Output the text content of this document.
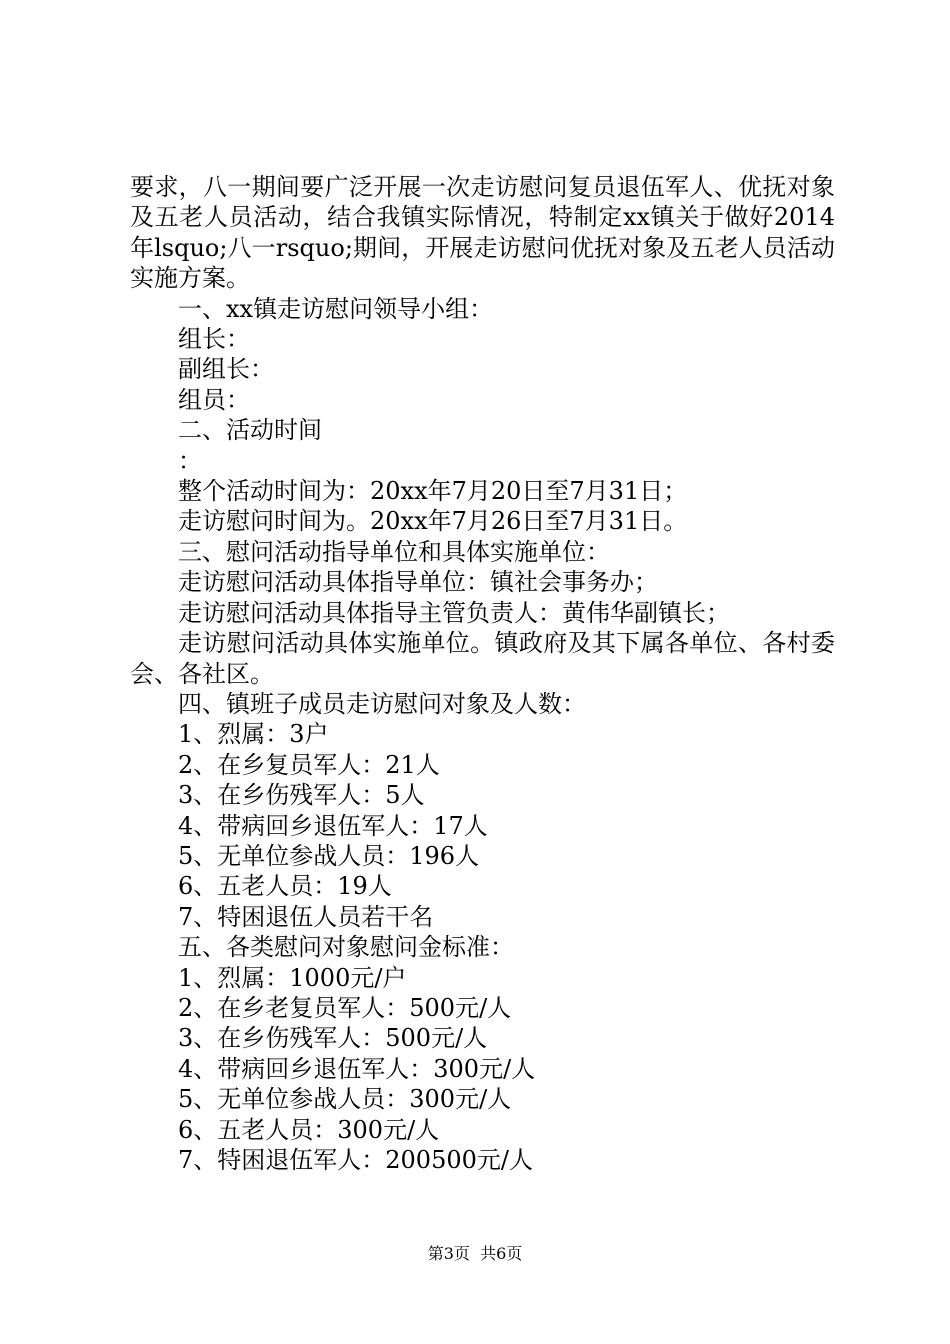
要求，八一期间要广泛开展一次走访慰问复员退伍军人、优抚对象及五老人员活动，结合我镇实际情况，特制定xx镇关于做好2014年lsquo;八一rsquo;期间，开展走访慰问优抚对象及五老人员活动实施方案。

一、xx镇走访慰问领导小组：
组长：
副组长：
组员：
二、活动时间
：
整个活动时间为：20xx年7月20日至7月31日；
走访慰问时间为。20xx年7月26日至7月31日。
三、慰问活动指导单位和具体实施单位：
走访慰问活动具体指导单位：镇社会事务办；
走访慰问活动具体指导主管负责人：黄伟华副镇长；

走访慰问活动具体实施单位。镇政府及其下属各单位、各村委会、各社区。

四、镇班子成员走访慰问对象及人数：
1、烈属：3户
2、在乡复员军人：21人
3、在乡伤残军人：5人
4、带病回乡退伍军人：17人
5、无单位参战人员：196人
6、五老人员：19人
7、特困退伍人员若干名
五、各类慰问对象慰问金标准：
1、烈属：1000元/户
2、在乡老复员军人：500元/人
3、在乡伤残军人：500元/人
4、带病回乡退伍军人：300元/人
5、无单位参战人员：300元/人
6、五老人员：300元/人
7、特困退伍军人：200500元/人
第3页  共6页
